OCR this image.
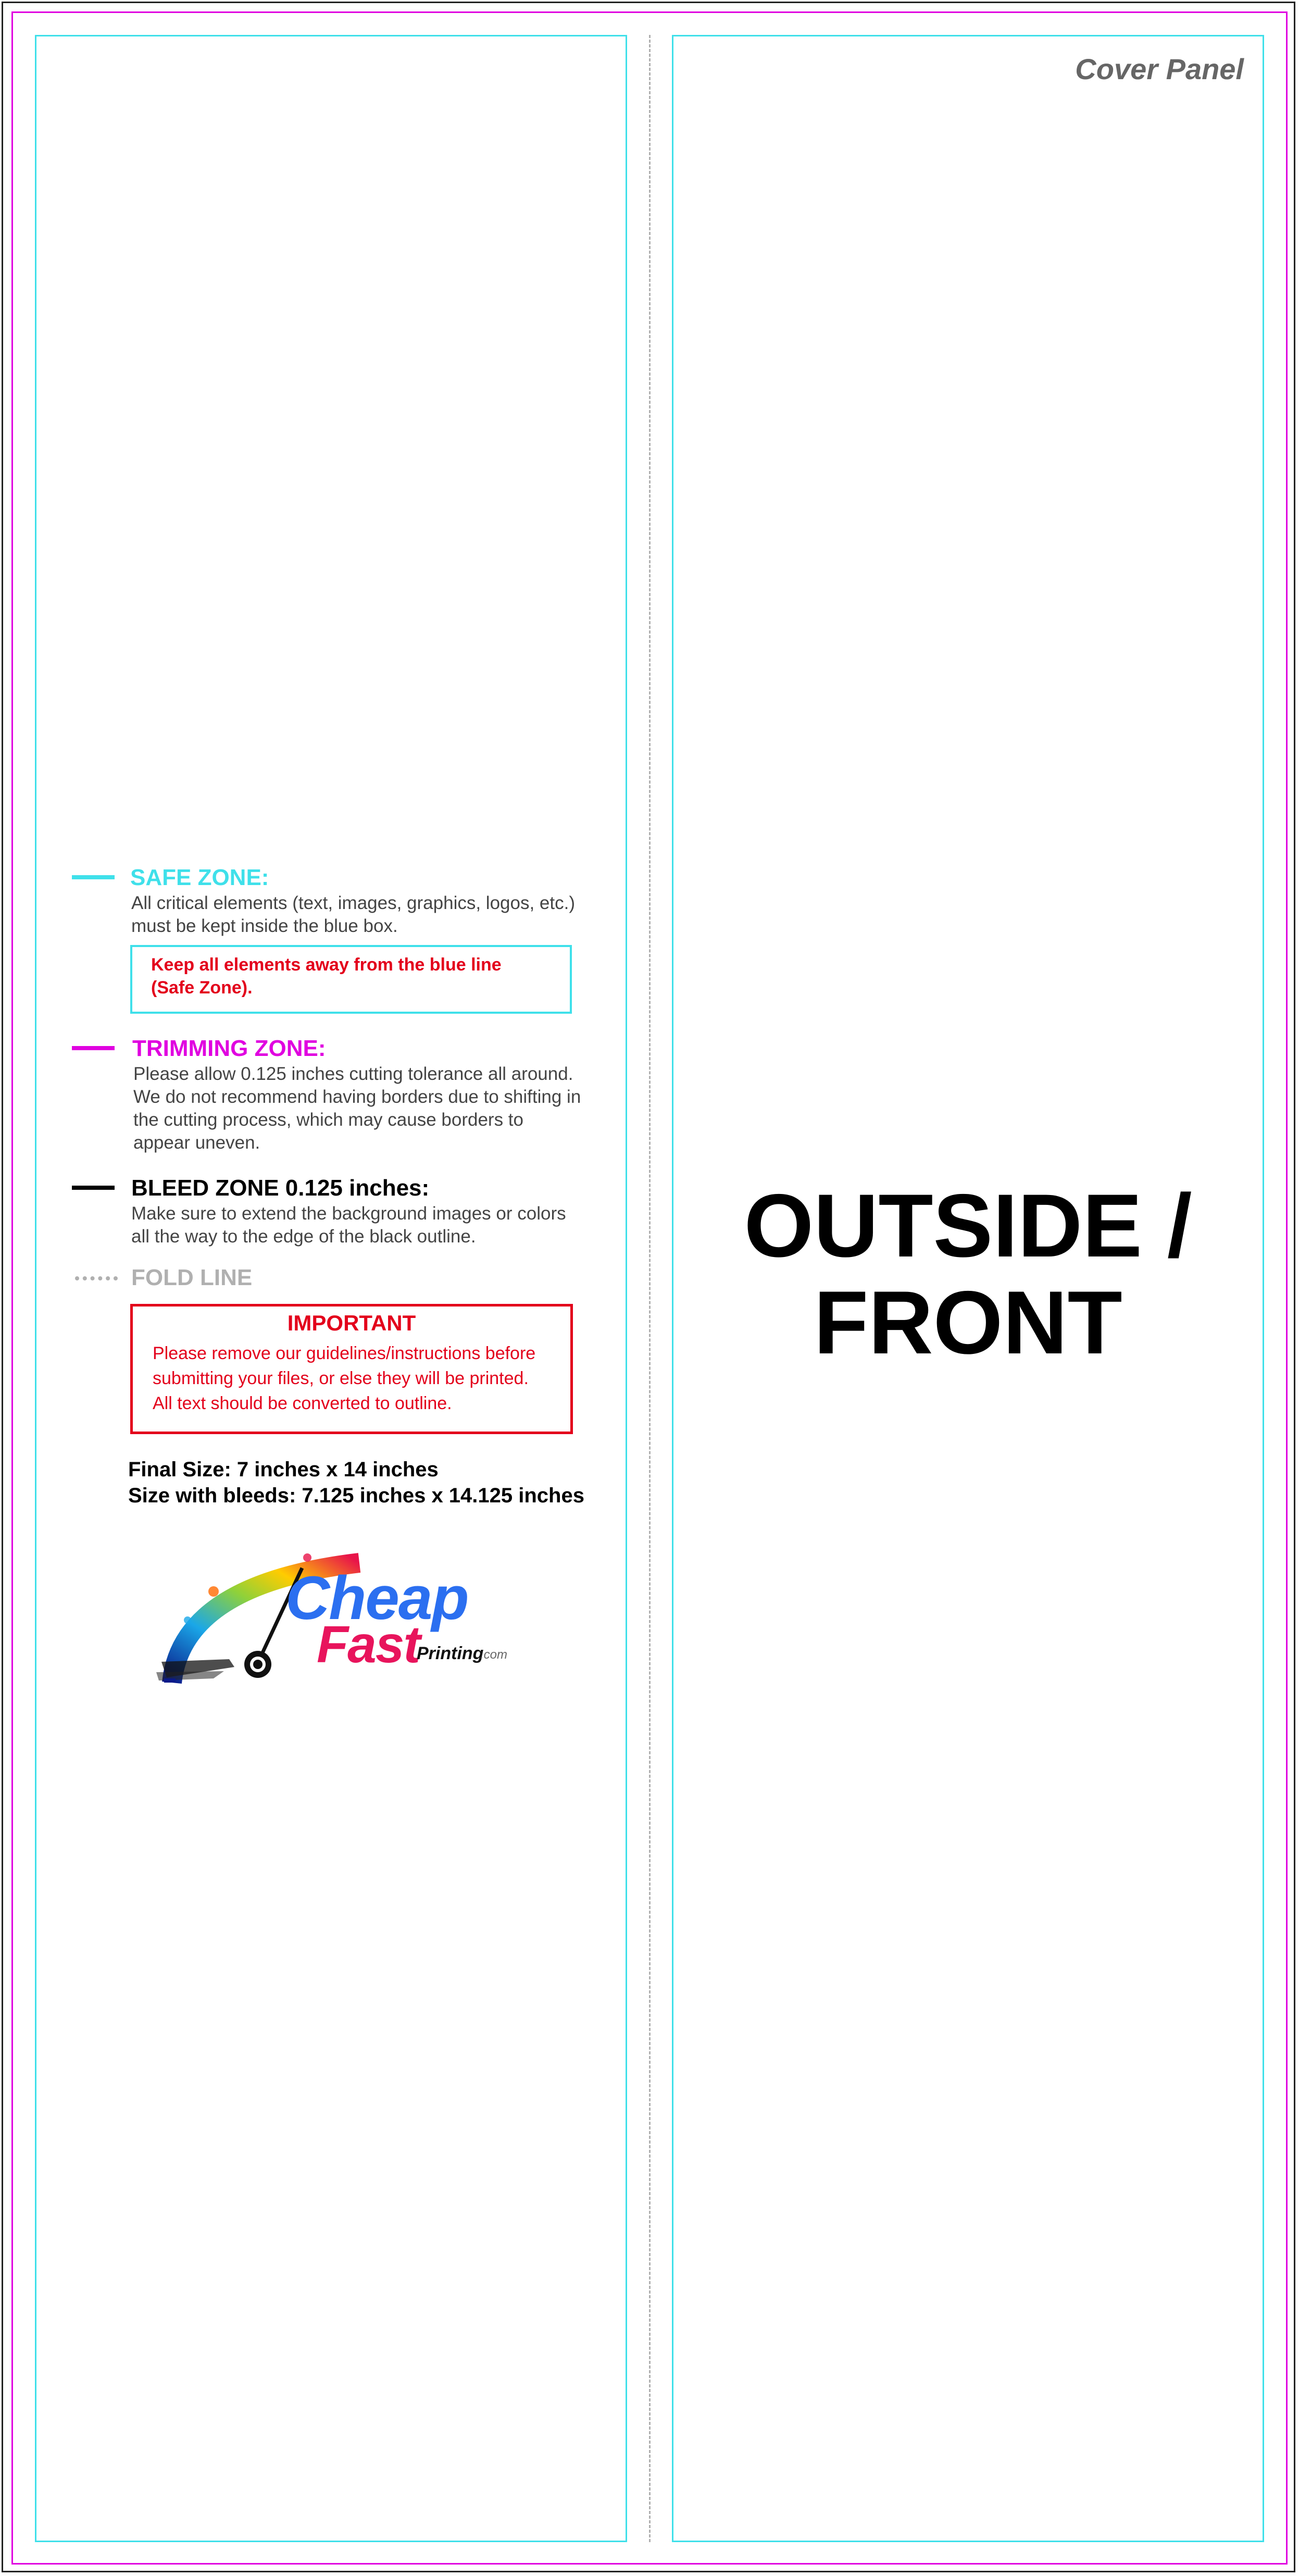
Cover Panel
OUTSIDE /
FRONT
SAFE ZONE:
All critical elements (text, images, graphics, logos, etc.)
must be kept inside the blue box.
Keep all elements away from the blue line
(Safe Zone).
TRIMMING ZONE:
Please allow 0.125 inches cutting tolerance all around.
We do not recommend having borders due to shifting in
the cutting process, which may cause borders to
appear uneven.
BLEED ZONE 0.125 inches:
Make sure to extend the background images or colors
all the way to the edge of the black outline.
FOLD LINE
IMPORTANT
Please remove our guidelines/instructions before
submitting your files, or else they will be printed.
All text should be converted to outline.
Final Size: 7 inches x 14 inches
Size with bleeds: 7.125 inches x 14.125 inches
Cheap
Fast
Printing
.com
